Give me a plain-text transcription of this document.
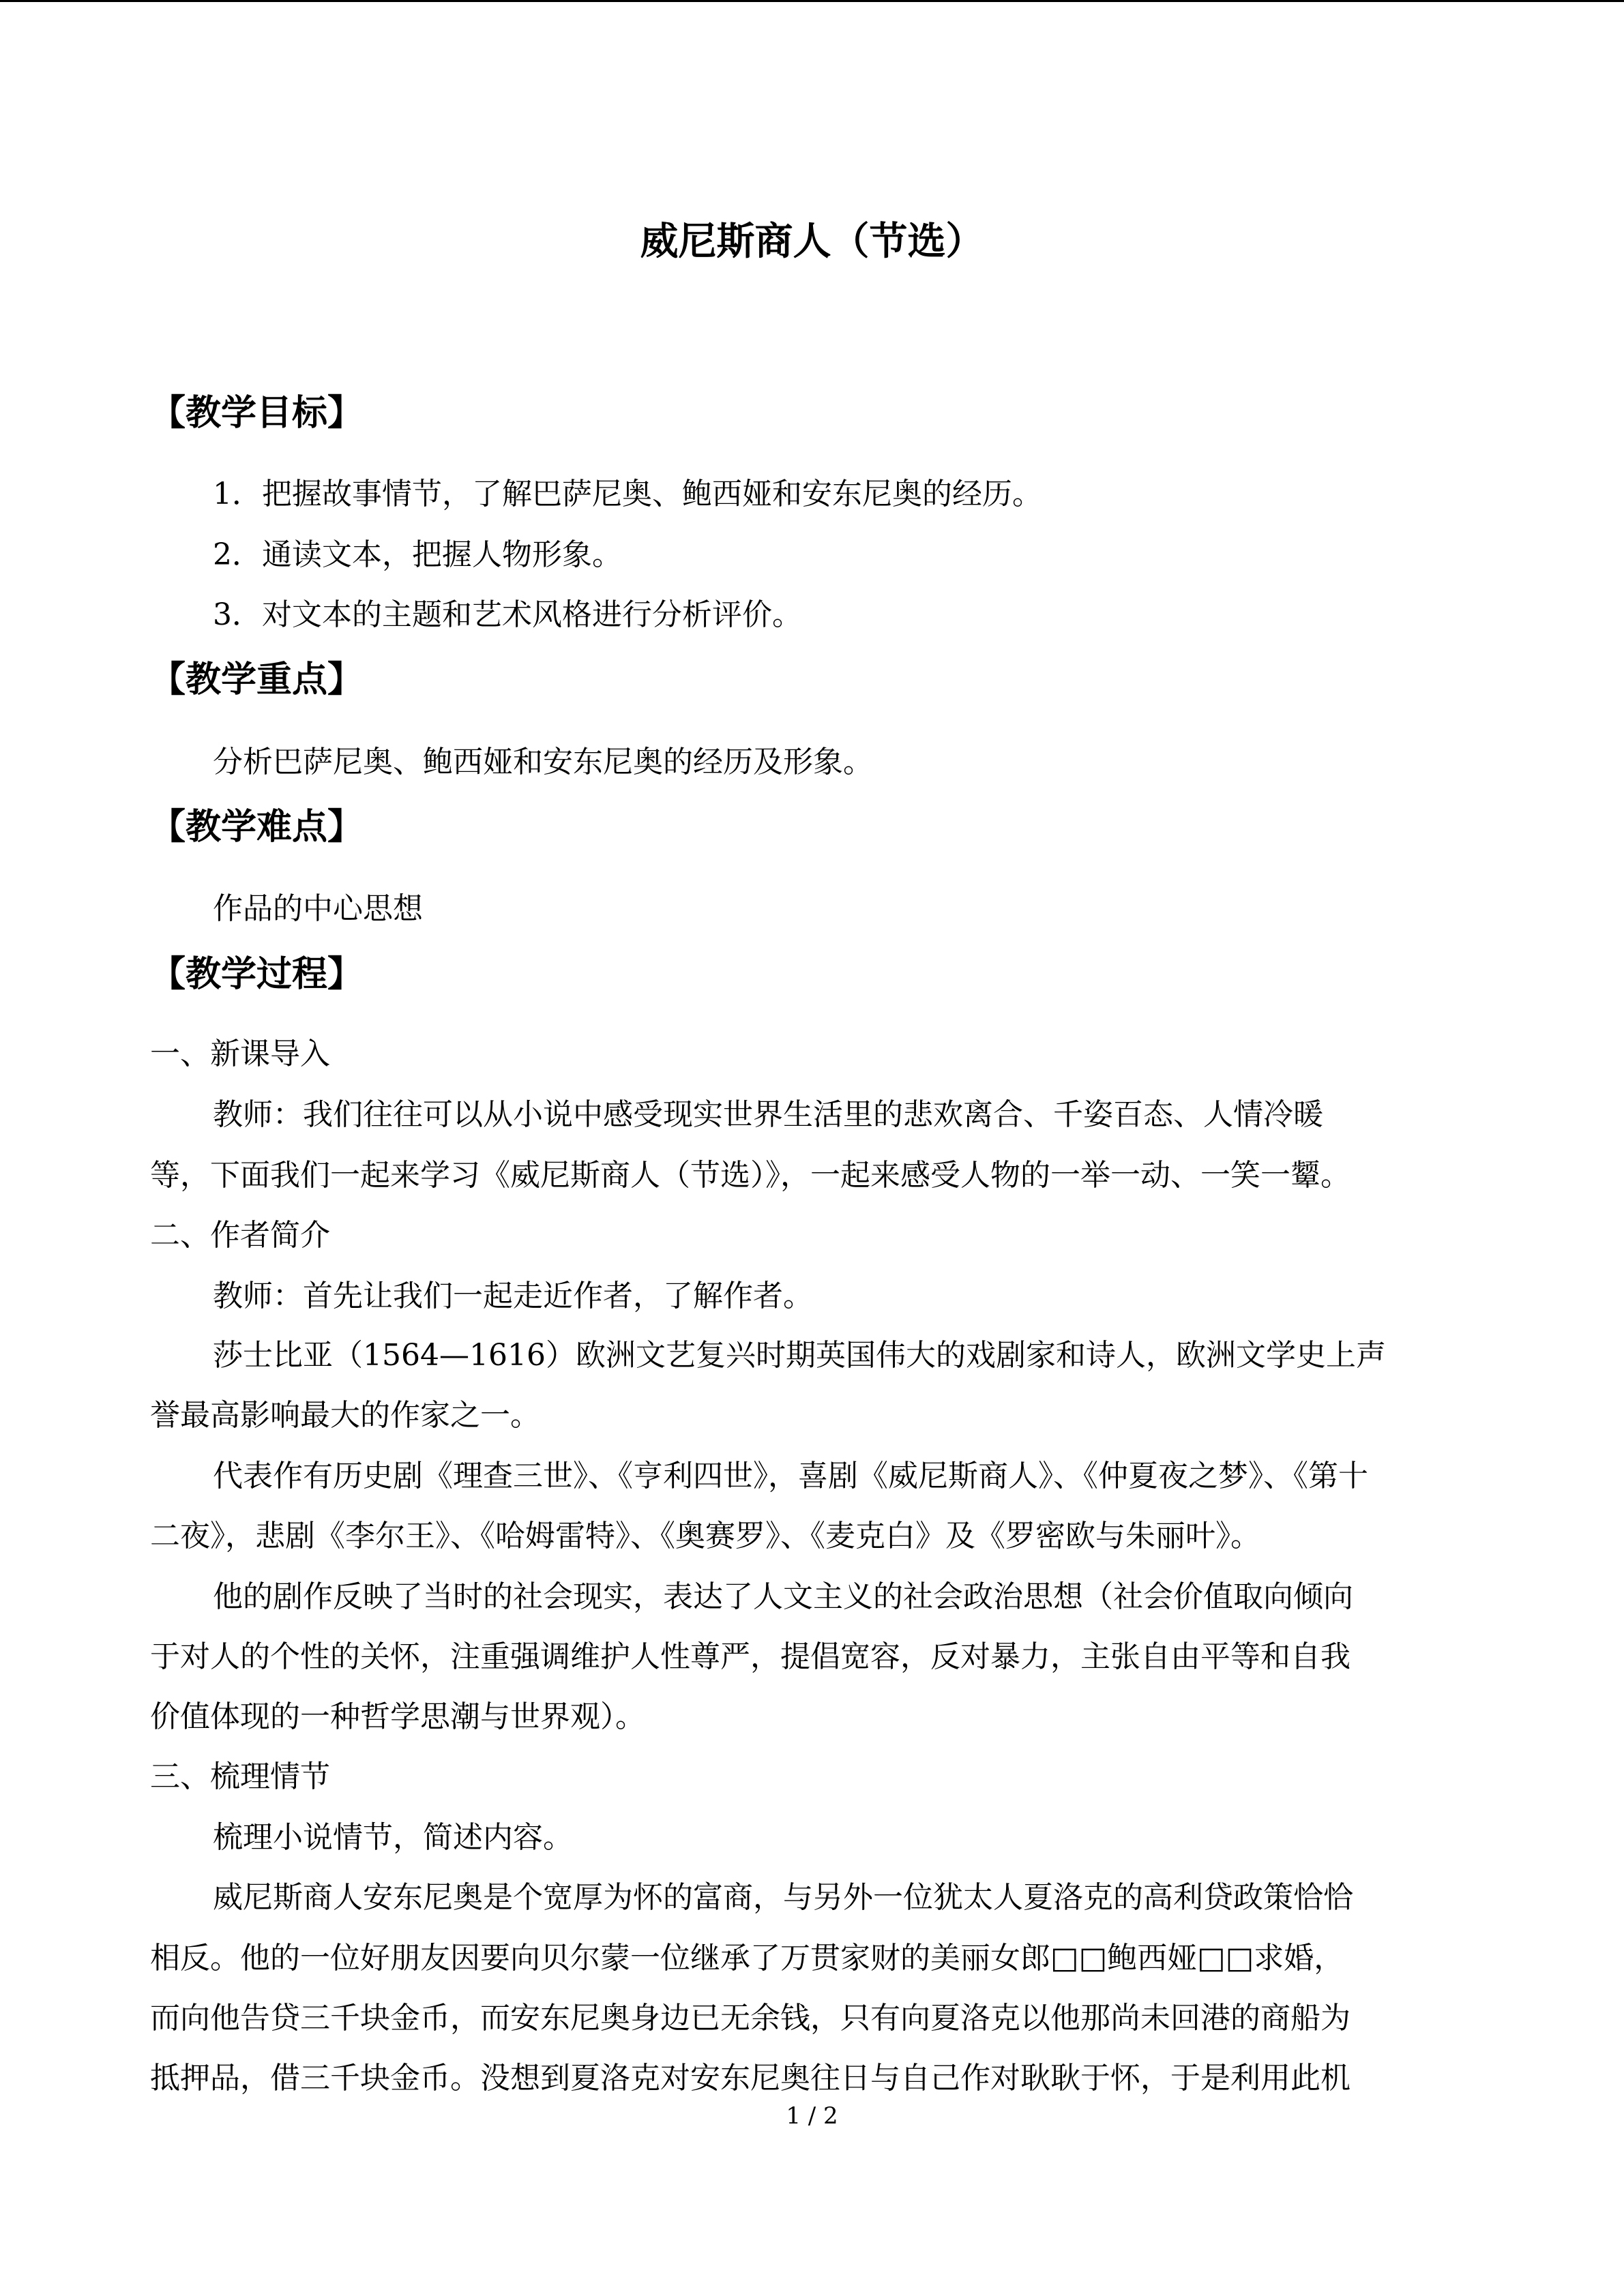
威尼斯商人（节选）
【教学目标】
1．把握故事情节，了解巴萨尼奥、鲍西娅和安东尼奥的经历。
2．通读文本，把握人物形象。
3．对文本的主题和艺术风格进行分析评价。
【教学重点】
分析巴萨尼奥、鲍西娅和安东尼奥的经历及形象。
【教学难点】
作品的中心思想
【教学过程】
一、新课导入
教师：我们往往可以从小说中感受现实世界生活里的悲欢离合、千姿百态、人情冷暖
等，下面我们一起来学习《威尼斯商人（节选）》，一起来感受人物的一举一动、一笑一颦。
二、作者简介
教师：首先让我们一起走近作者，了解作者。
莎士比亚（1564—1616）欧洲文艺复兴时期英国伟大的戏剧家和诗人，欧洲文学史上声
誉最高影响最大的作家之一。
代表作有历史剧《理查三世》、《亨利四世》，喜剧《威尼斯商人》、《仲夏夜之梦》、《第十
二夜》，悲剧《李尔王》、《哈姆雷特》、《奥赛罗》、《麦克白》及《罗密欧与朱丽叶》。
他的剧作反映了当时的社会现实，表达了人文主义的社会政治思想（社会价值取向倾向
于对人的个性的关怀，注重强调维护人性尊严，提倡宽容，反对暴力，主张自由平等和自我
价值体现的一种哲学思潮与世界观）。
三、梳理情节
梳理小说情节，简述内容。
威尼斯商人安东尼奥是个宽厚为怀的富商，与另外一位犹太人夏洛克的高利贷政策恰恰
相反。他的一位好朋友因要向贝尔蒙一位继承了万贯家财的美丽女郎□□鲍西娅□□求婚，
而向他告贷三千块金币，而安东尼奥身边已无余钱，只有向夏洛克以他那尚未回港的商船为
抵押品，借三千块金币。没想到夏洛克对安东尼奥往日与自己作对耿耿于怀，于是利用此机
1 / 2
